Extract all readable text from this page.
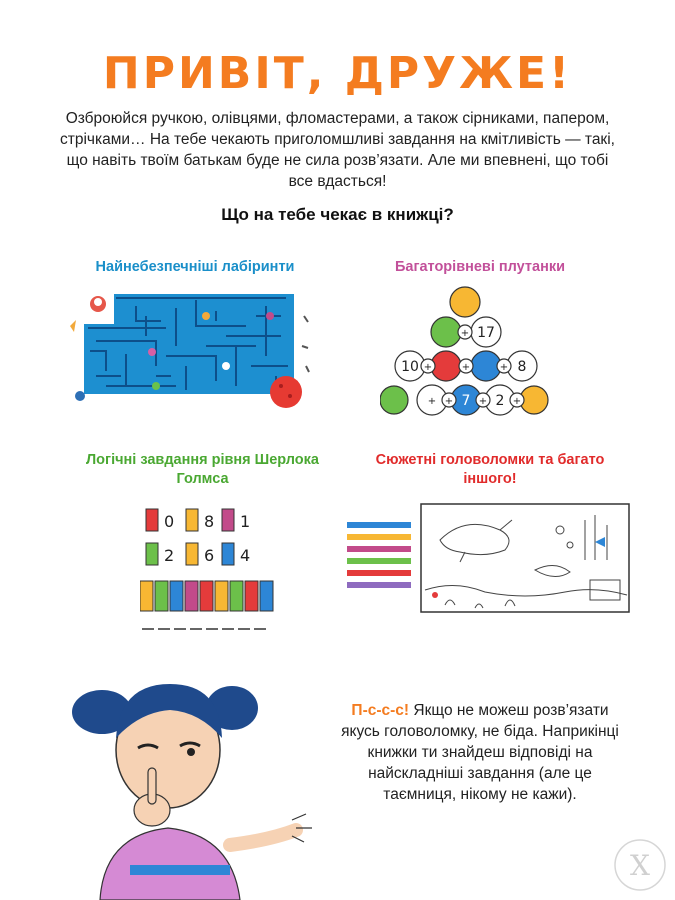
ПРИВІТ, ДРУЖЕ!
Озброюйся ручкою, олівцями, фломастерами, а також сірниками, папером, стрічками… На тебе чекають приголомшливі завдання на кмітливість — такі, що навіть твоїм батькам буде не сила розв’язати. Але ми впевнені, що тобі все вдасться!
Що на тебе чекає в книжці?
Найнебезпечніші лабіринти	Багаторівневі плутанки
Логічні завдання рівня Шерлока Голмса
Сюжетні головоломки та багато іншого!
+ 17
+	+
10	+
+
8
+
7	+
2
+
0 8 1
2 6 4
П-с-с-с! Якщо не можеш розв’язати якусь головоломку, не біда. Наприкінці книжки ти знайдеш відповіді на найскладніші завдання (але це таємниця, нікому не кажи).
X
